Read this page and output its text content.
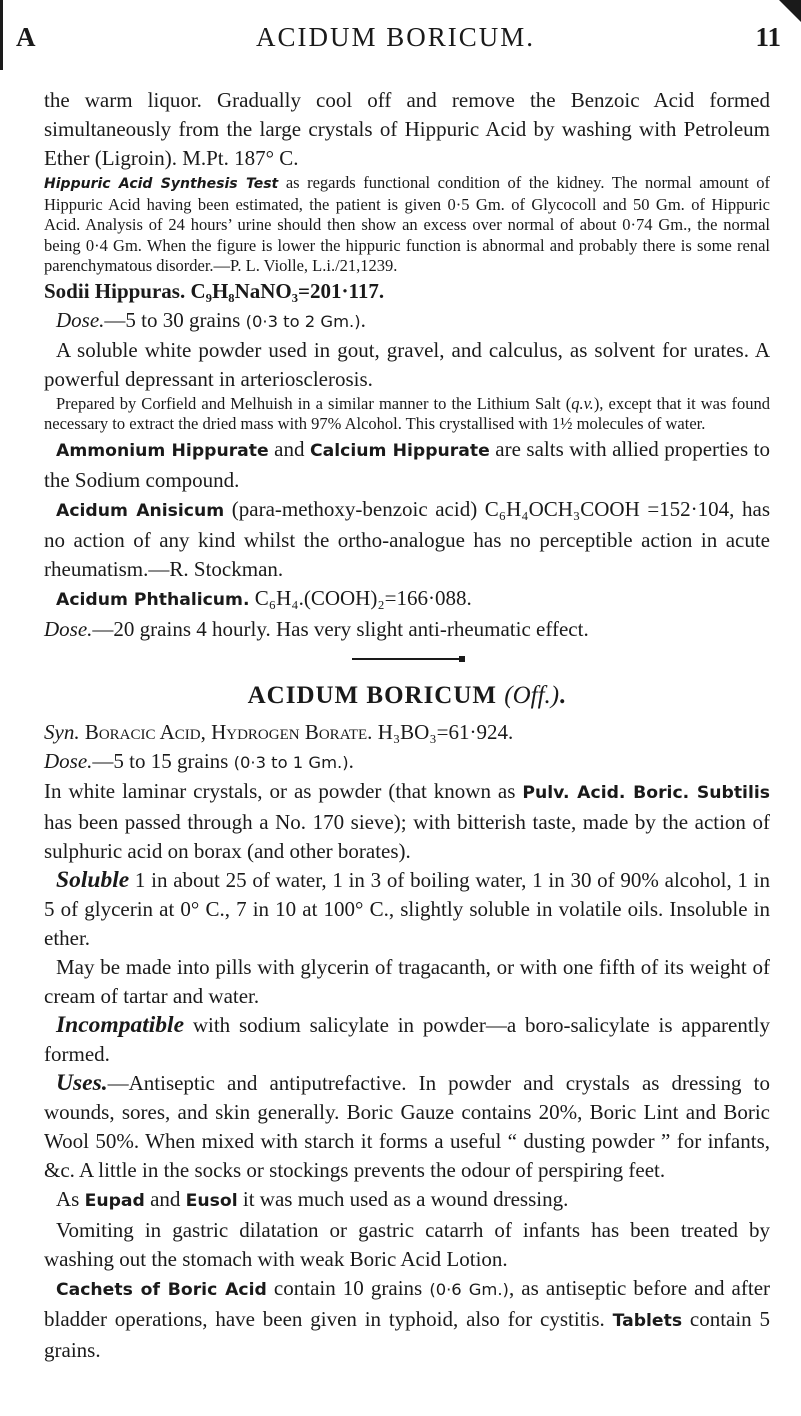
A	ACIDUM BORICUM.	11

the warm liquor. Gradually cool off and remove the Benzoic Acid formed simultaneously from the large crystals of Hippuric Acid by washing with Petroleum Ether (Ligroin). M.Pt. 187° C.

Hippuric Acid Synthesis Test as regards functional condition of the kidney. The normal amount of Hippuric Acid having been estimated, the patient is given 0·5 Gm. of Glycocoll and 50 Gm. of Hippuric Acid. Analysis of 24 hours’ urine should then show an excess over normal of about 0·74 Gm., the normal being 0·4 Gm. When the figure is lower the hippuric function is abnormal and probably there is some renal parenchymatous disorder.—P. L. Violle, L.i./21,1239.

Sodii Hippuras. C₉H₈NaNO₃=201·117.

Dose.—5 to 30 grains (0·3 to 2 Gm.).

A soluble white powder used in gout, gravel, and calculus, as solvent for urates. A powerful depressant in arteriosclerosis.

Prepared by Corfield and Melhuish in a similar manner to the Lithium Salt (q.v.), except that it was found necessary to extract the dried mass with 97% Alcohol. This crystallised with 1½ molecules of water.

Ammonium Hippurate and Calcium Hippurate are salts with allied properties to the Sodium compound.

Acidum Anisicum (para-methoxy-benzoic acid) C₆H₄OCH₃COOH =152·104, has no action of any kind whilst the ortho-analogue has no perceptible action in acute rheumatism.—R. Stockman.

Acidum Phthalicum. C₆H₄.(COOH)₂=166·088.

Dose.—20 grains 4 hourly. Has very slight anti-rheumatic effect.

ACIDUM BORICUM (Off.).

Syn. Boracic Acid, Hydrogen Borate. H₃BO₃=61·924.

Dose.—5 to 15 grains (0·3 to 1 Gm.).

In white laminar crystals, or as powder (that known as Pulv. Acid. Boric. Subtilis has been passed through a No. 170 sieve); with bitterish taste, made by the action of sulphuric acid on borax (and other borates).

Soluble 1 in about 25 of water, 1 in 3 of boiling water, 1 in 30 of 90% alcohol, 1 in 5 of glycerin at 0° C., 7 in 10 at 100° C., slightly soluble in volatile oils. Insoluble in ether.

May be made into pills with glycerin of tragacanth, or with one fifth of its weight of cream of tartar and water.

Incompatible with sodium salicylate in powder—a boro-salicylate is apparently formed.

Uses.—Antiseptic and antiputrefactive. In powder and crystals as dressing to wounds, sores, and skin generally. Boric Gauze contains 20%, Boric Lint and Boric Wool 50%. When mixed with starch it forms a useful “ dusting powder ” for infants, &c. A little in the socks or stockings prevents the odour of perspiring feet.

As Eupad and Eusol it was much used as a wound dressing.

Vomiting in gastric dilatation or gastric catarrh of infants has been treated by washing out the stomach with weak Boric Acid Lotion.

Cachets of Boric Acid contain 10 grains (0·6 Gm.), as antiseptic before and after bladder operations, have been given in typhoid, also for cystitis. Tablets contain 5 grains.
